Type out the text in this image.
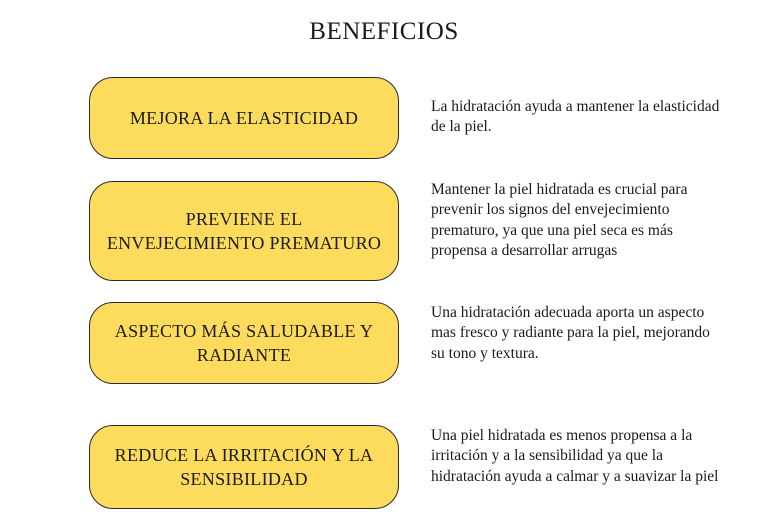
BENEFICIOS
MEJORA LA ELASTICIDAD
La hidratación ayuda a mantener la elasticidad de la piel.
PREVIENE EL ENVEJECIMIENTO PREMATURO
Mantener la piel hidratada es crucial para prevenir los signos del envejecimiento prematuro, ya que una piel seca es más propensa a desarrollar arrugas
ASPECTO MÁS SALUDABLE Y RADIANTE
Una hidratación adecuada aporta un aspecto mas fresco y radiante para la piel, mejorando su tono y textura.
REDUCE LA IRRITACIÓN Y LA SENSIBILIDAD
Una piel hidratada es menos propensa a la irritación y a la sensibilidad ya que la hidratación ayuda a calmar y a suavizar la piel
